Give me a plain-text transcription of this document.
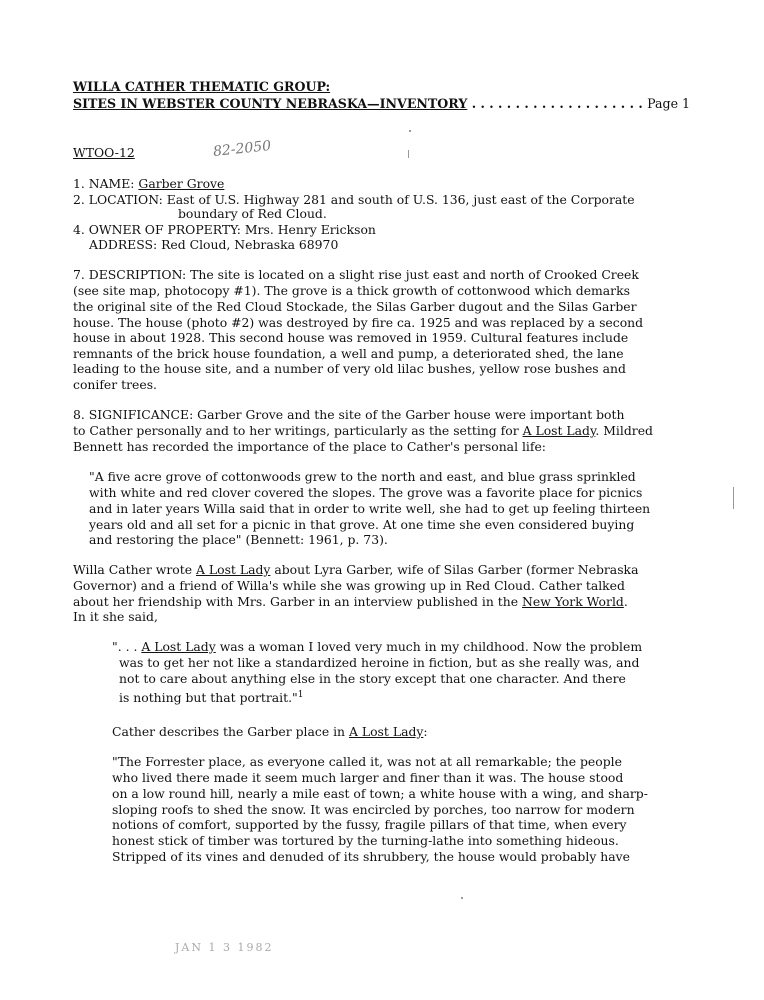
WILLA CATHER THEMATIC GROUP:
SITES IN WEBSTER COUNTY NEBRASKA—INVENTORY . . . . . . . . . . . . . . . . . . . . Page 1
WTOO-12	82-2050
1. NAME: Garber Grove
2. LOCATION: East of U.S. Highway 281 and south of U.S. 136, just east of the Corporate
boundary of Red Cloud.
4. OWNER OF PROPERTY: Mrs. Henry Erickson
ADDRESS: Red Cloud, Nebraska 68970
7. DESCRIPTION: The site is located on a slight rise just east and north of Crooked Creek
(see site map, photocopy #1). The grove is a thick growth of cottonwood which demarks
the original site of the Red Cloud Stockade, the Silas Garber dugout and the Silas Garber
house. The house (photo #2) was destroyed by fire ca. 1925 and was replaced by a second
house in about 1928. This second house was removed in 1959. Cultural features include
remnants of the brick house foundation, a well and pump, a deteriorated shed, the lane
leading to the house site, and a number of very old lilac bushes, yellow rose bushes and
conifer trees.
8. SIGNIFICANCE: Garber Grove and the site of the Garber house were important both
to Cather personally and to her writings, particularly as the setting for A Lost Lady. Mildred
Bennett has recorded the importance of the place to Cather's personal life:
"A five acre grove of cottonwoods grew to the north and east, and blue grass sprinkled
with white and red clover covered the slopes. The grove was a favorite place for picnics
and in later years Willa said that in order to write well, she had to get up feeling thirteen
years old and all set for a picnic in that grove. At one time she even considered buying
and restoring the place" (Bennett: 1961, p. 73).
Willa Cather wrote A Lost Lady about Lyra Garber, wife of Silas Garber (former Nebraska
Governor) and a friend of Willa's while she was growing up in Red Cloud. Cather talked
about her friendship with Mrs. Garber in an interview published in the New York World.
In it she said,
". . . A Lost Lady was a woman I loved very much in my childhood. Now the problem
was to get her not like a standardized heroine in fiction, but as she really was, and
not to care about anything else in the story except that one character. And there
is nothing but that portrait."$^1$
Cather describes the Garber place in A Lost Lady:
"The Forrester place, as everyone called it, was not at all remarkable; the people
who lived there made it seem much larger and finer than it was. The house stood
on a low round hill, nearly a mile east of town; a white house with a wing, and sharp-
sloping roofs to shed the snow. It was encircled by porches, too narrow for modern
notions of comfort, supported by the fussy, fragile pillars of that time, when every
honest stick of timber was tortured by the turning-lathe into something hideous.
Stripped of its vines and denuded of its shrubbery, the house would probably have
JAN 1 3 1982
